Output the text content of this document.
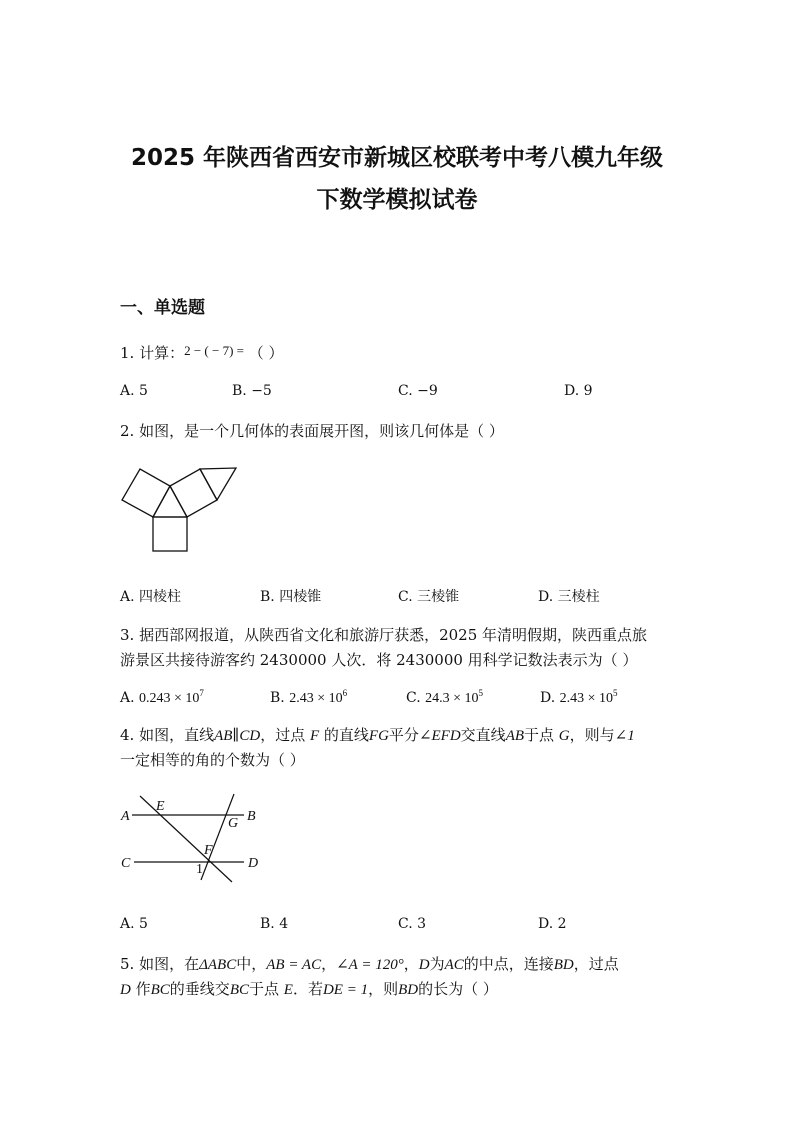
2025 年陕西省西安市新城区校联考中考八模九年级
下数学模拟试卷
一、单选题
1. 计算：2 − ( − 7) = （ ）
A. 5	B. −5	C. −9	D. 9
2. 如图，是一个几何体的表面展开图，则该几何体是（ ）
A. 四棱柱	B. 四棱锥	C. 三棱锥	D. 三棱柱
3. 据西部网报道，从陕西省文化和旅游厅获悉，2025 年清明假期，陕西重点旅
游景区共接待游客约 2430000 人次．将 2430000 用科学记数法表示为（ ）
A. $0.243 \times 10^7$	B. $2.43 \times 10^6$	C. $24.3 \times 10^5$	D. $2.43 \times 10^5$
4. 如图，直线AB∥CD，过点 F 的直线FG平分∠EFD交直线AB于点 G，则与∠1
一定相等的角的个数为（ ）
A
E
B
G
F
C	D
1
A. 5	B. 4	C. 3	D. 2
5. 如图，在ΔABC中，AB = AC，∠A = 120°，D为AC的中点，连接BD，过点
D 作BC的垂线交BC于点 E．若DE = 1，则BD的长为（ ）
